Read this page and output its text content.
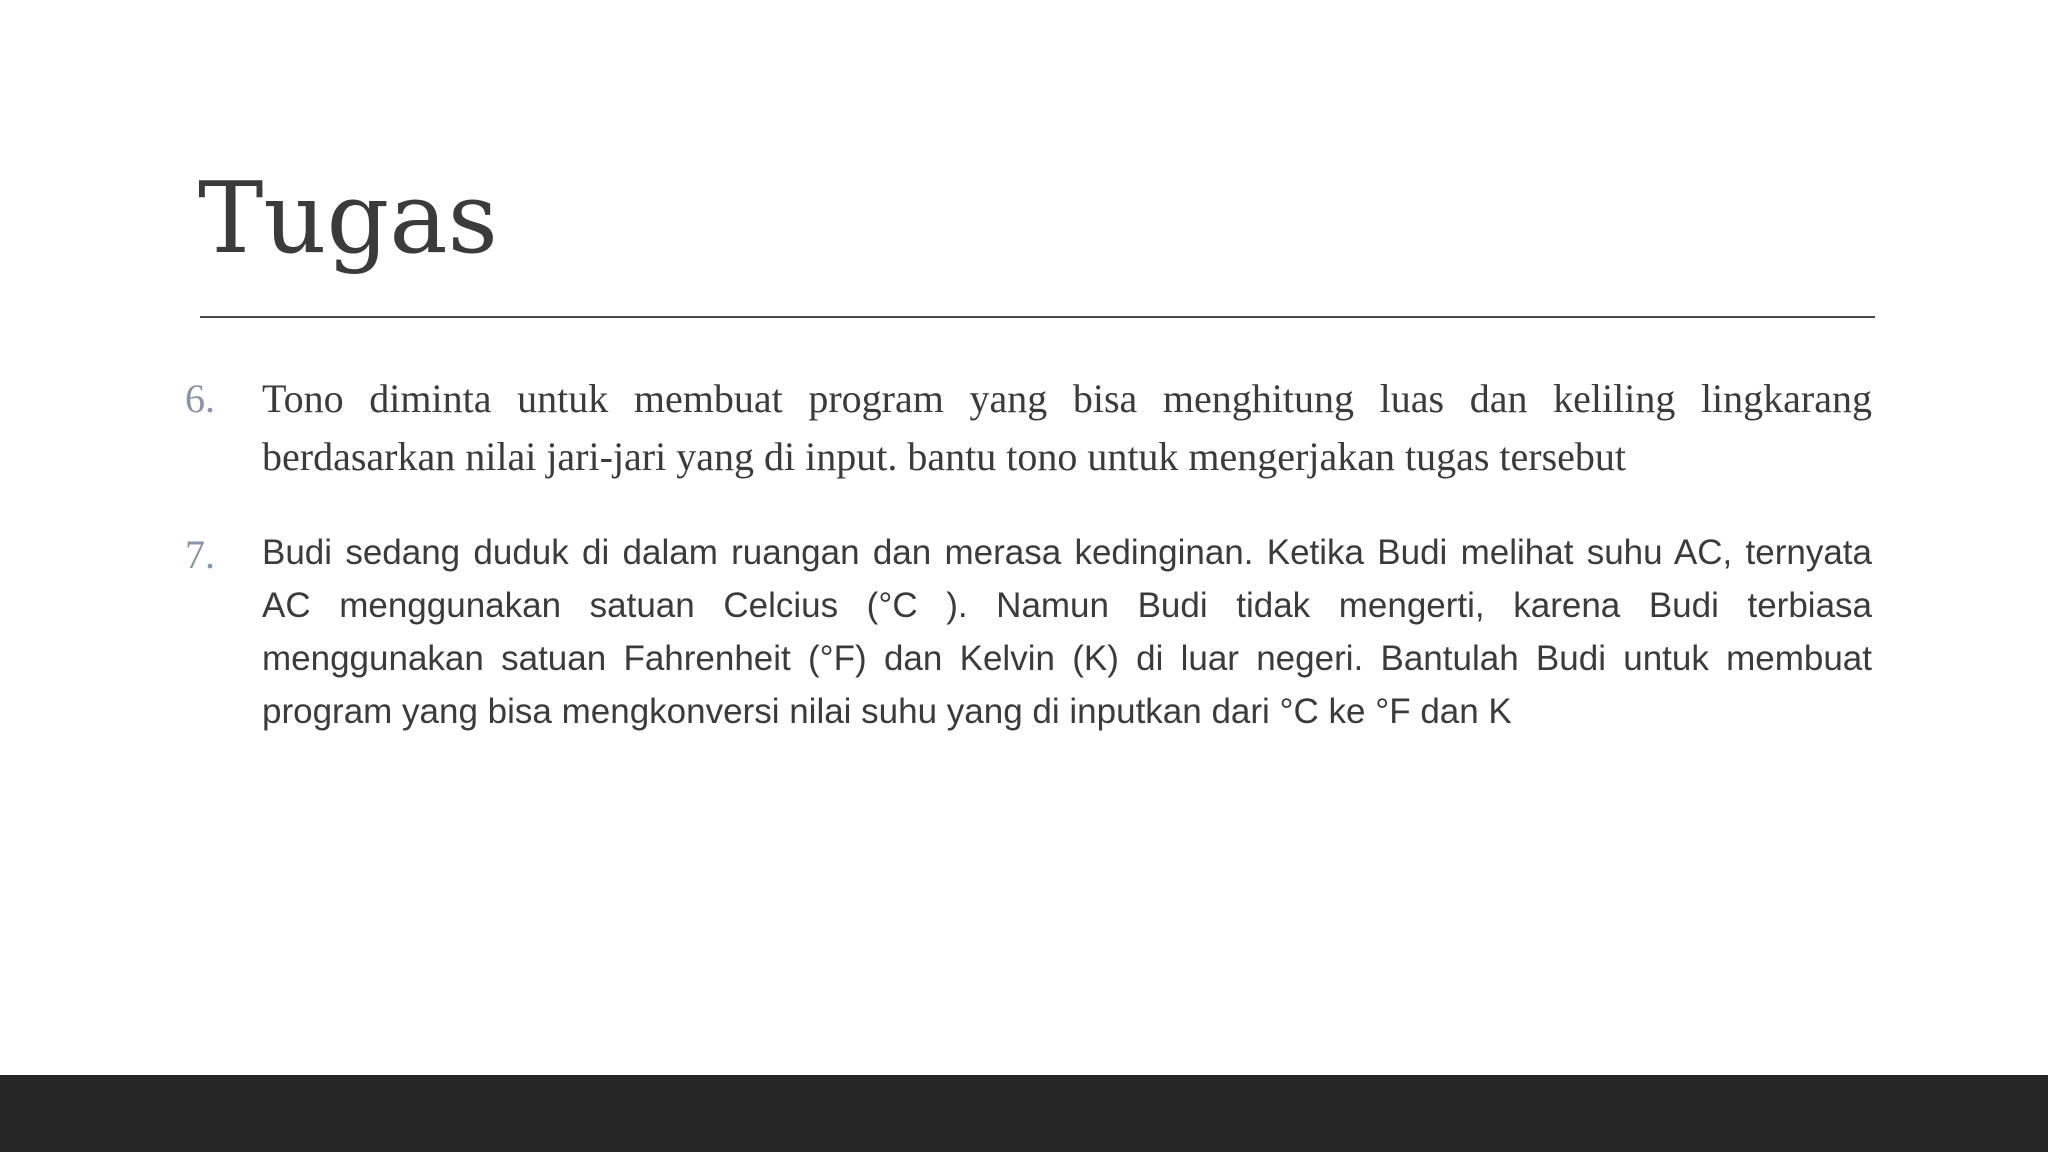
Tugas
6. Tono diminta untuk membuat program yang bisa menghitung luas dan keliling lingkarang berdasarkan nilai jari-jari yang di input. bantu tono untuk mengerjakan tugas tersebut
7. Budi sedang duduk di dalam ruangan dan merasa kedinginan. Ketika Budi melihat suhu AC, ternyata AC menggunakan satuan Celcius (°C ). Namun Budi tidak mengerti, karena Budi terbiasa menggunakan satuan Fahrenheit (°F) dan Kelvin (K) di luar negeri. Bantulah Budi untuk membuat program yang bisa mengkonversi nilai suhu yang di inputkan dari °C ke °F dan K
